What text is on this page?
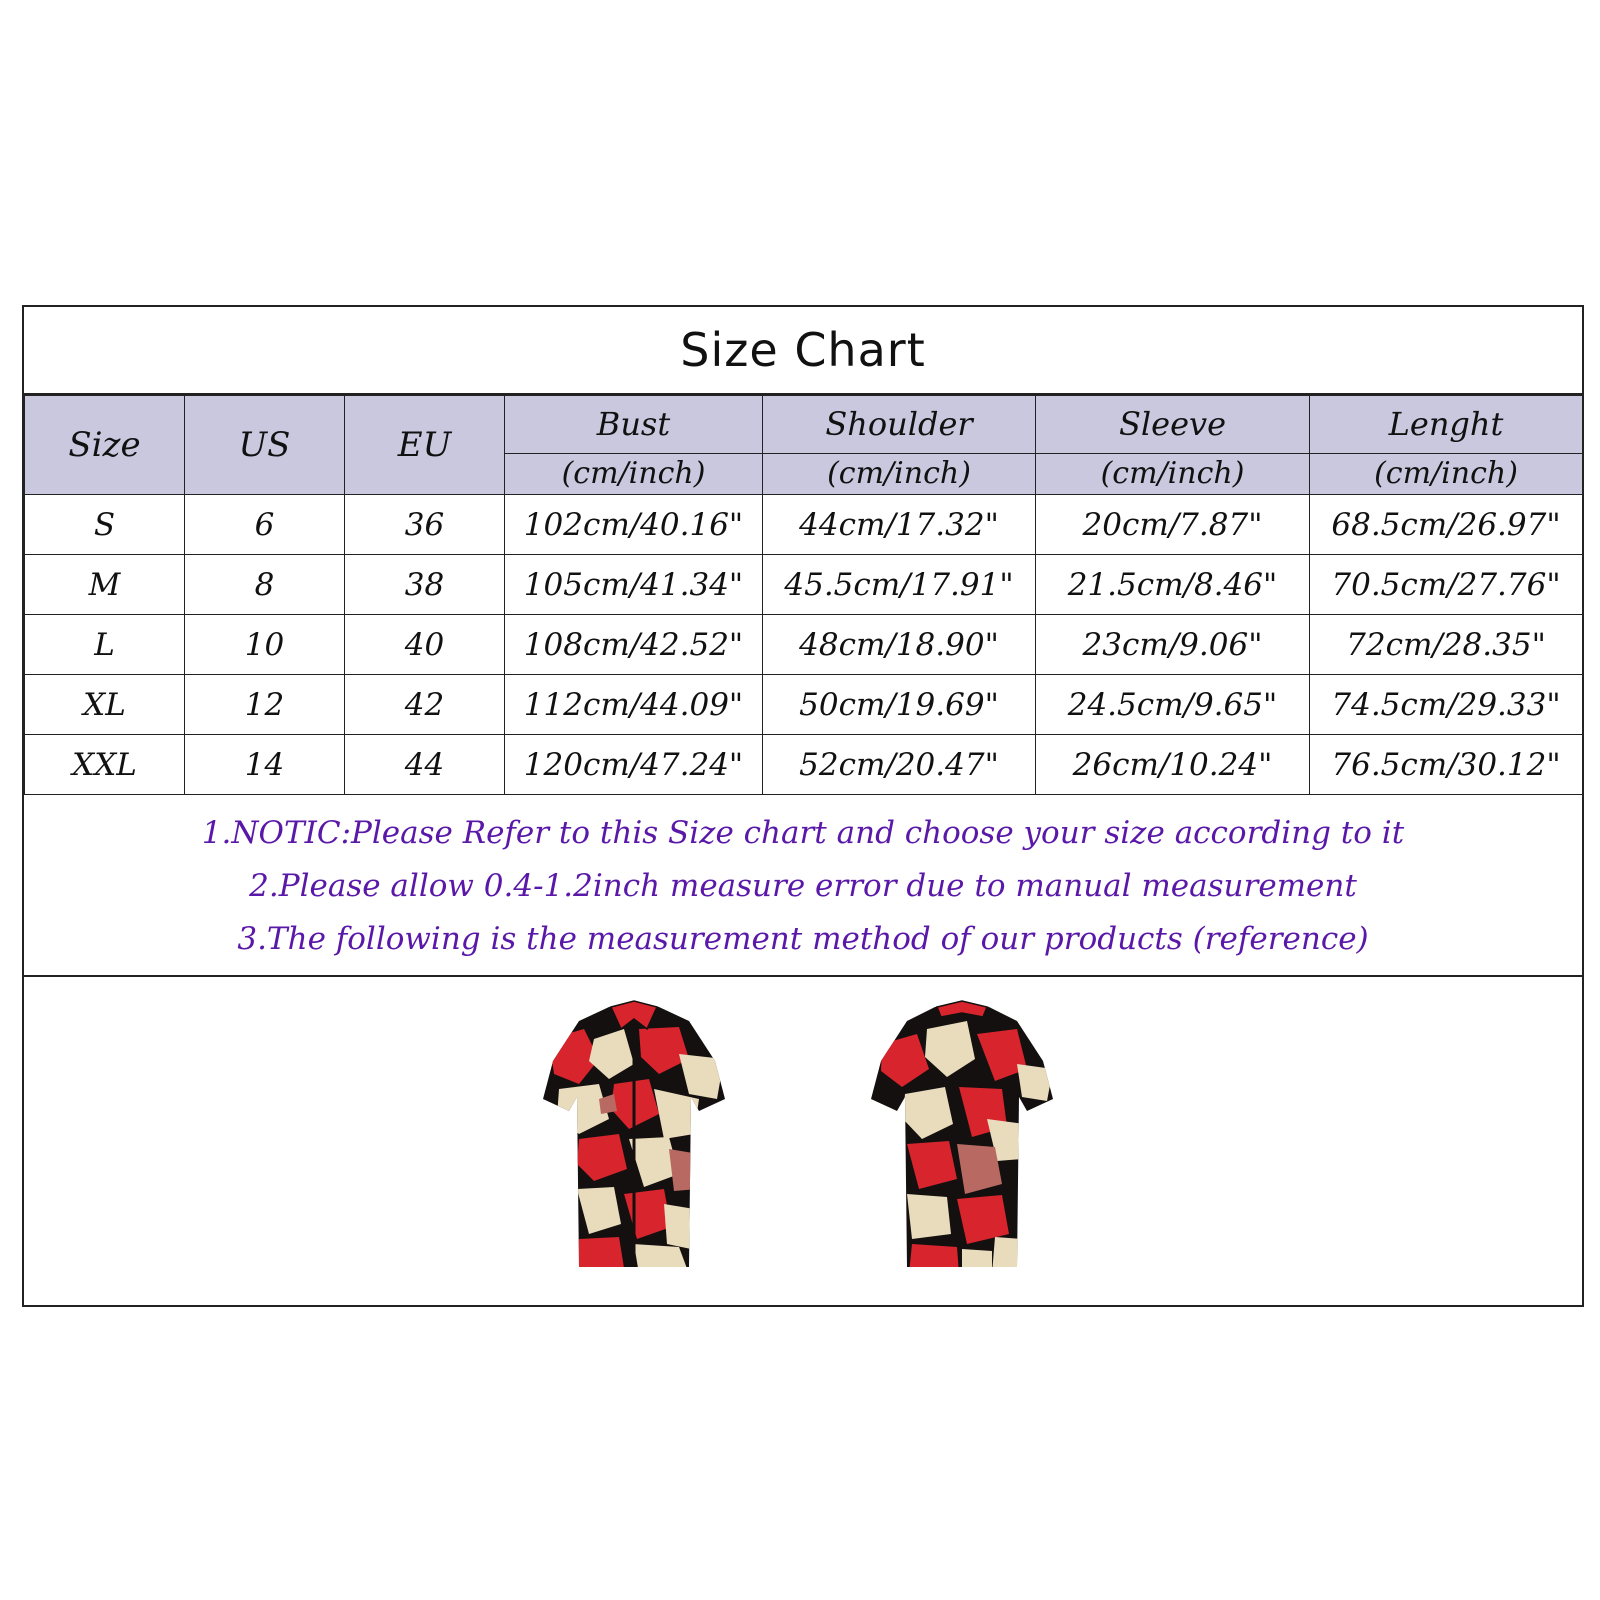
Size Chart
Size	US	EU	Bust	Shoulder	Sleeve	Lenght
			(cm/inch)	(cm/inch)	(cm/inch)	(cm/inch)
S	6	36	102cm/40.16"	44cm/17.32"	20cm/7.87"	68.5cm/26.97"
M	8	38	105cm/41.34"	45.5cm/17.91"	21.5cm/8.46"	70.5cm/27.76"
L	10	40	108cm/42.52"	48cm/18.90"	23cm/9.06"	72cm/28.35"
XL	12	42	112cm/44.09"	50cm/19.69"	24.5cm/9.65"	74.5cm/29.33"
XXL	14	44	120cm/47.24"	52cm/20.47"	26cm/10.24"	76.5cm/30.12"
1.NOTIC:Please Refer to this Size chart and choose your size according to it
2.Please allow 0.4-1.2inch measure error due to manual measurement
3.The following is the measurement method of our products (reference)
